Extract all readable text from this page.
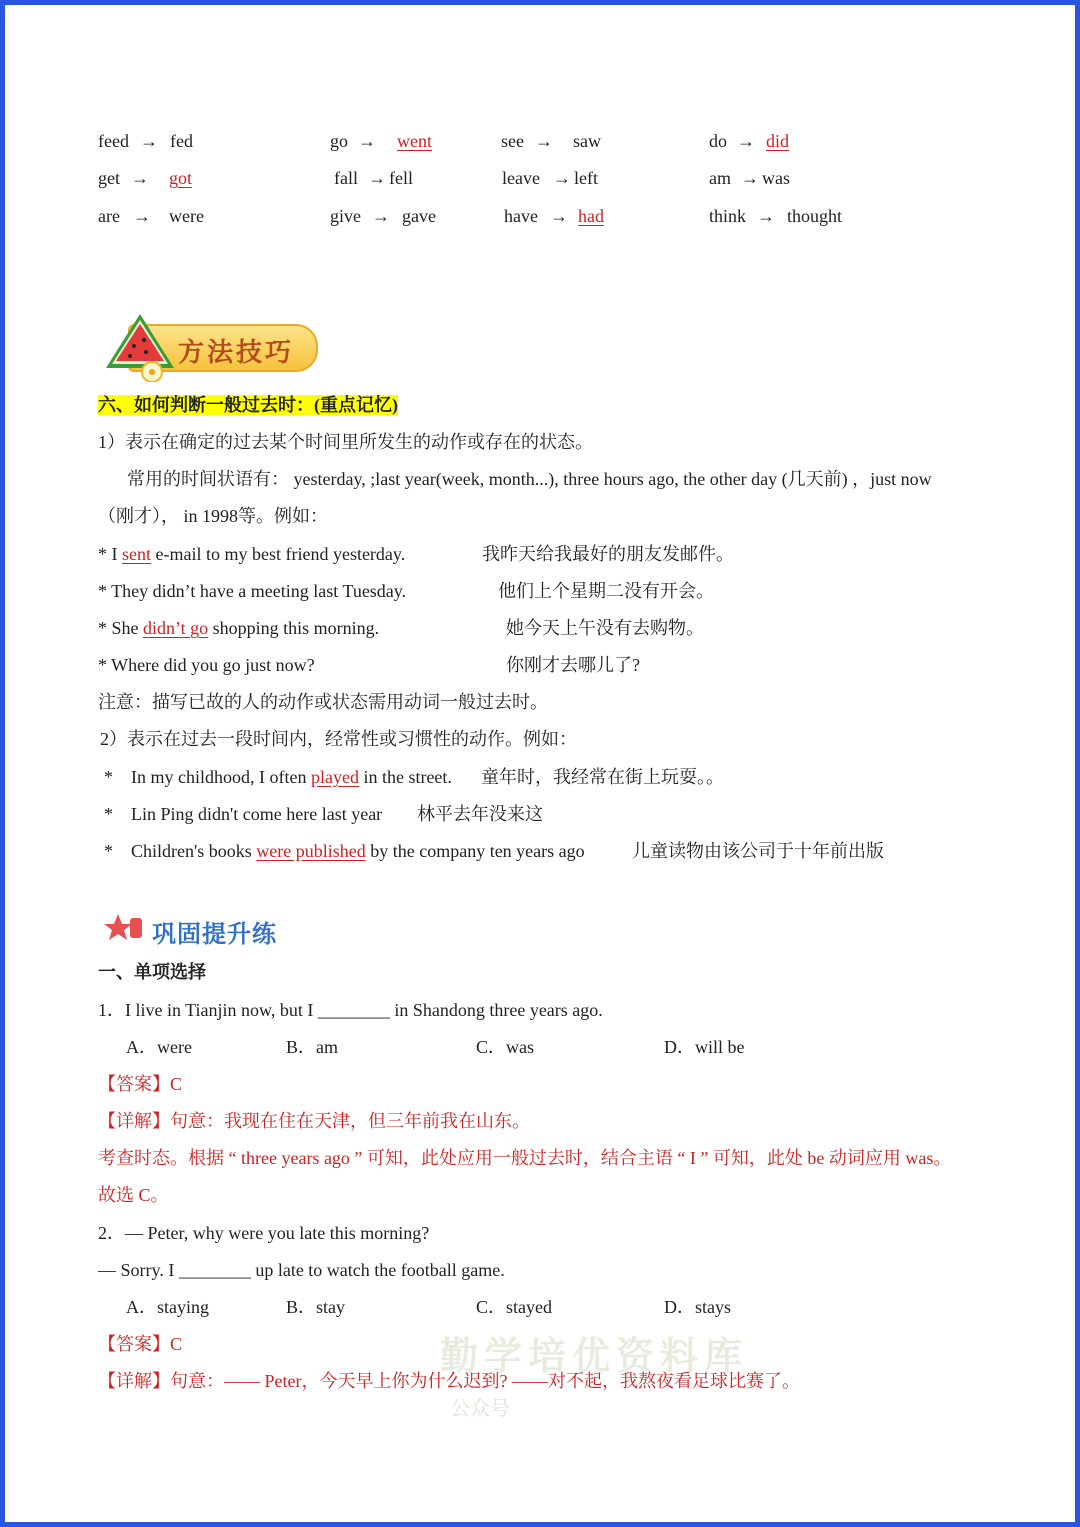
feed → fed	go → went	see → saw	do → did
get → got	fall → fell	leave → left	am → was
are → were	give → gave	have → had	think → thought
方法技巧
六、如何判断一般过去时：(重点记忆)
1）表示在确定的过去某个时间里所发生的动作或存在的状态。
常用的时间状语有： yesterday, ;last year(week, month...), three hours ago, the other day (几天前) ，just now
（刚才）， in 1998等。例如：
* I sent e-mail to my best friend yesterday.	我昨天给我最好的朋友发邮件。
* They didn’t have a meeting last Tuesday.	他们上个星期二没有开会。
* She didn’t go shopping this morning.	她今天上午没有去购物。
* Where did you go just now?	你刚才去哪儿了?
注意：描写已故的人的动作或状态需用动词一般过去时。
2）表示在过去一段时间内，经常性或习惯性的动作。例如：
* In my childhood, I often played in the street. 童年时，我经常在街上玩耍。。
* Lin Ping didn't come here last year 林平去年没来这
* Children's books were published by the company ten years ago	儿童读物由该公司于十年前出版
巩固提升练
一、单项选择
1．I live in Tianjin now, but I ________ in Shandong three years ago.
A．were	B．am	C．was	D．will be
【答案】C
【详解】句意：我现在住在天津，但三年前我在山东。
考查时态。根据 “ three years ago ” 可知，此处应用一般过去时，结合主语 “ I ” 可知，此处 be 动词应用 was。
故选 C。
2．— Peter, why were you late this morning?
— Sorry. I ________ up late to watch the football game.
A．staying	B．stay	C．stayed	D．stays
【答案】C
【详解】句意：—— Peter，今天早上你为什么迟到? ——对不起，我熬夜看足球比赛了。
勤学培优资料库
公众号
